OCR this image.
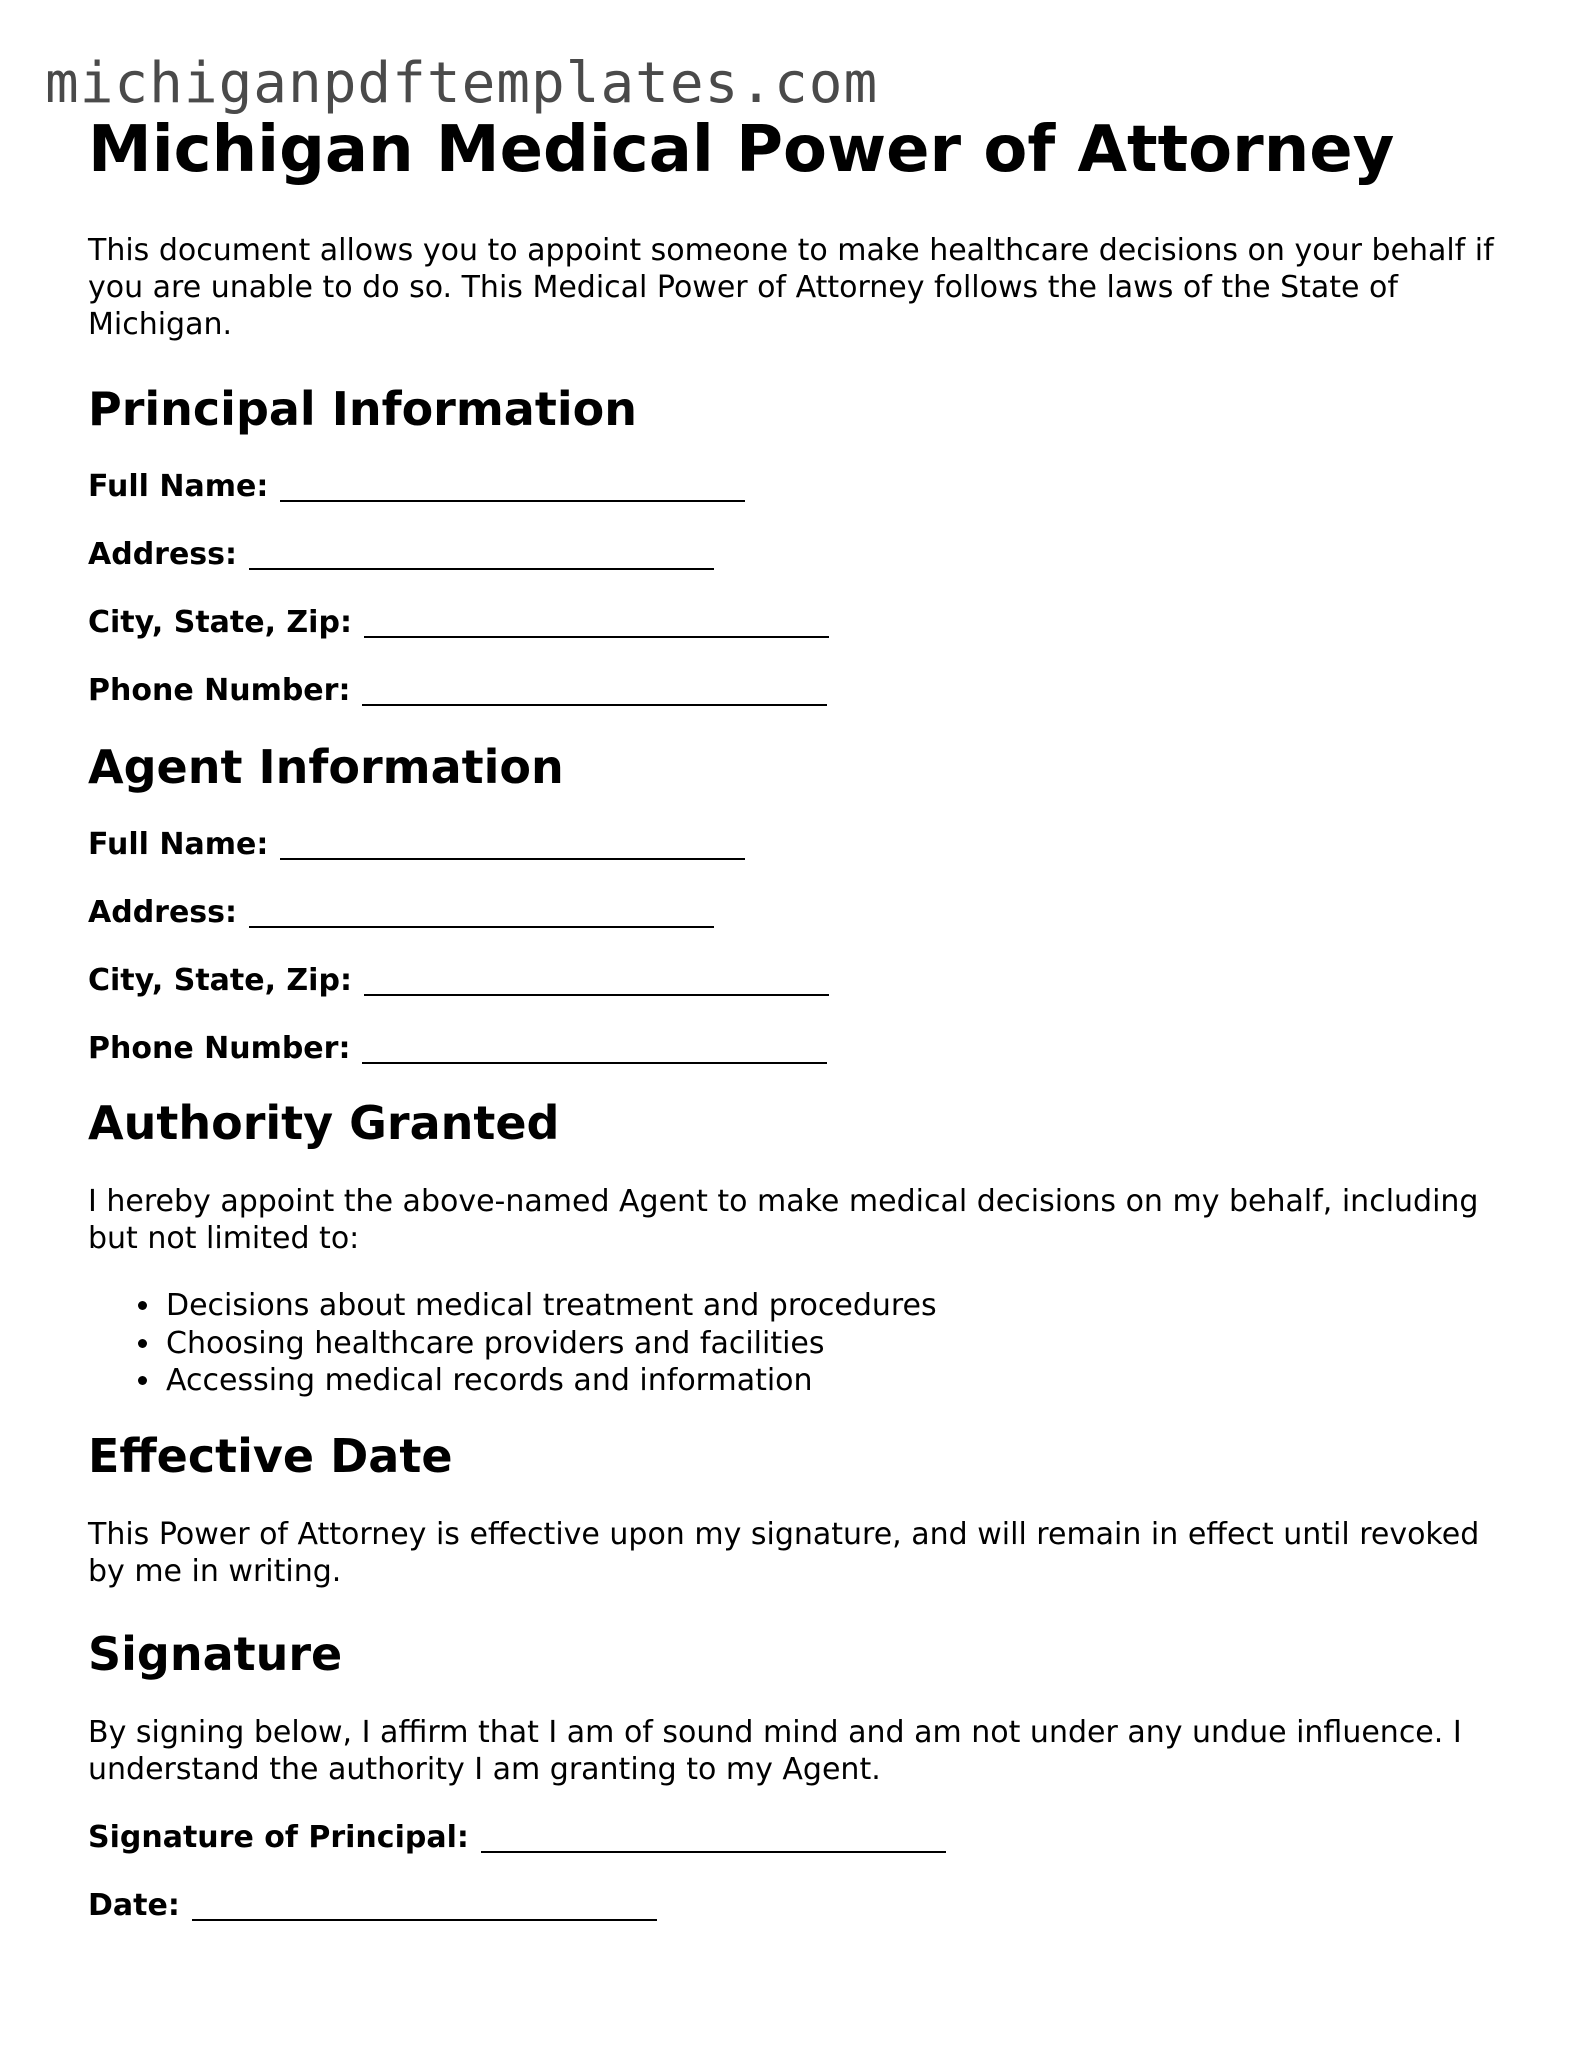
michiganpdftemplates.com
Michigan Medical Power of Attorney

This document allows you to appoint someone to make healthcare decisions on your behalf if you are unable to do so. This Medical Power of Attorney follows the laws of the State of Michigan.

Principal Information
Full Name:
Address:
City, State, Zip:
Phone Number:
Agent Information
Full Name:
Address:
City, State, Zip:
Phone Number:
Authority Granted

I hereby appoint the above-named Agent to make medical decisions on my behalf, including but not limited to:

Decisions about medical treatment and procedures
Choosing healthcare providers and facilities
Accessing medical records and information
Effective Date

This Power of Attorney is effective upon my signature, and will remain in effect until revoked by me in writing.

Signature

By signing below, I affirm that I am of sound mind and am not under any undue influence. I understand the authority I am granting to my Agent.

Signature of Principal:
Date:
